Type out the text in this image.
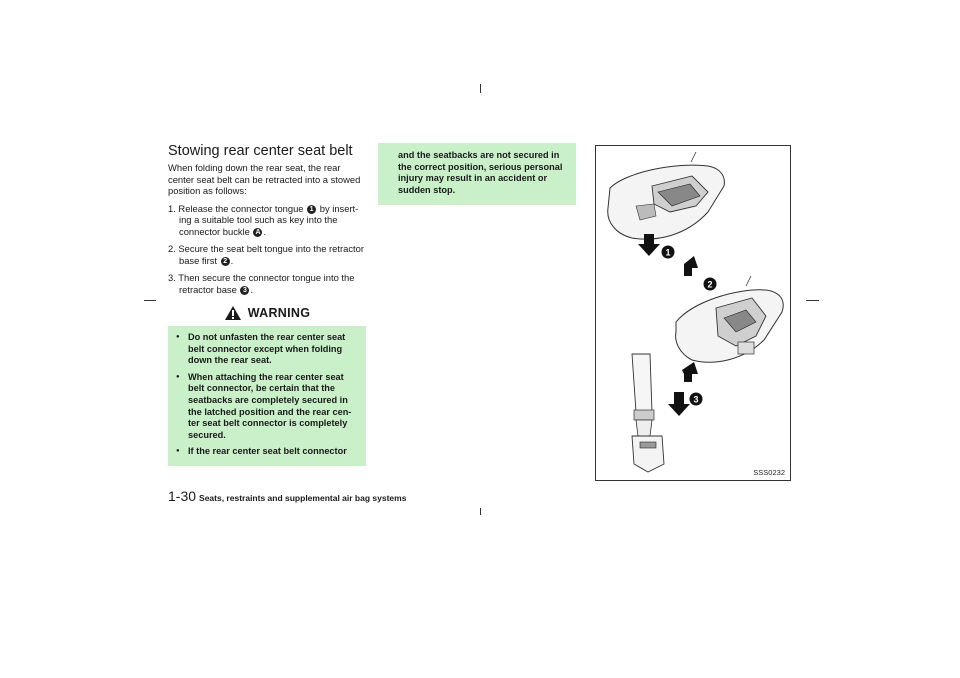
Stowing rear center seat belt

When folding down the rear seat, the rear center seat belt can be retracted into a stowed position as follows:

1. Release the connector tongue 1 by insert-ing a suitable tool such as key into the connector buckle A .
2. Secure the seat belt tongue into the retractor base first 2 .
3. Then secure the connector tongue into the retractor base 3 .
WARNING
● Do not unfasten the rear center seat belt connector except when folding down the rear seat.
● When attaching the rear center seat belt connector, be certain that the seatbacks are completely secured in the latched position and the rear cen-ter seat belt connector is completely secured.
● If the rear center seat belt connector

and the seatbacks are not secured in the correct position, serious personal injury may result in an accident or sudden stop.

1
2
3
SSS0232
1-30 Seats, restraints and supplemental air bag systems
